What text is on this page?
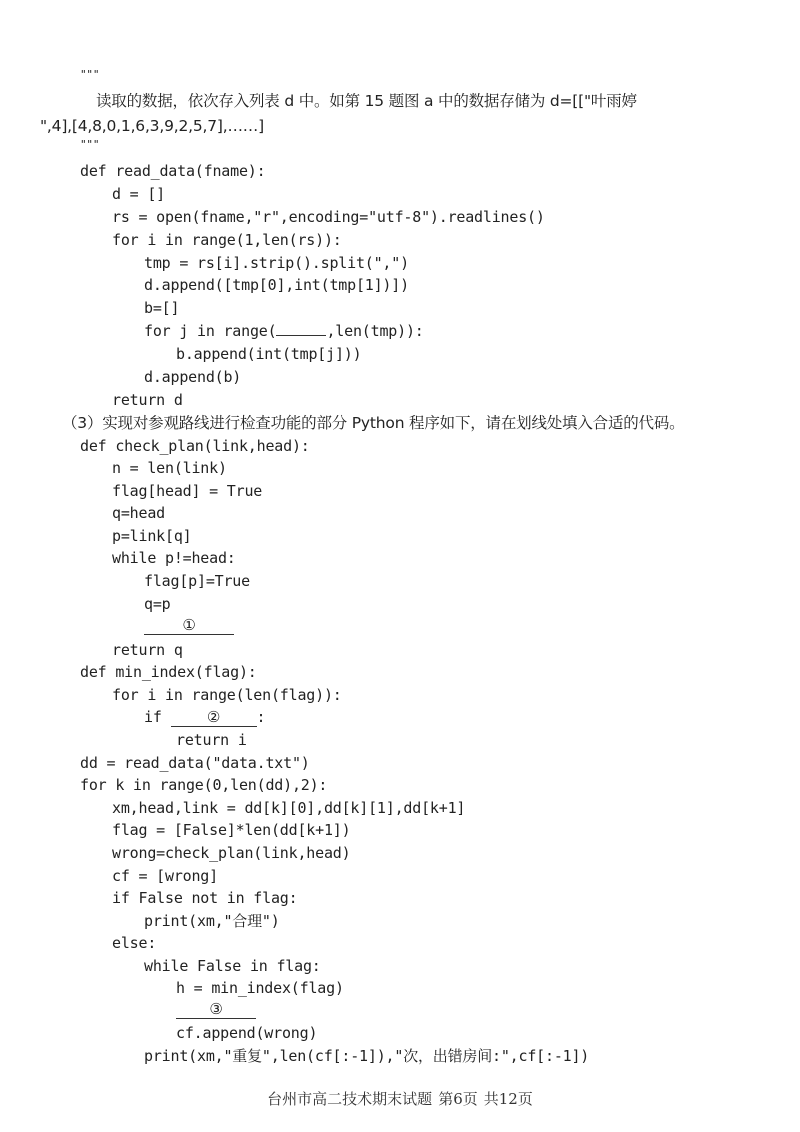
"""
读取的数据，依次存入列表 d 中。如第 15 题图 a 中的数据存储为 d=[["叶雨婷
",4],[4,8,0,1,6,3,9,2,5,7],……]
"""
def read_data(fname):
d = []
rs = open(fname,"r",encoding="utf-8").readlines()
for i in range(1,len(rs)):
tmp = rs[i].strip().split(",")
d.append([tmp[0],int(tmp[1])])
b=[]
for j in range(	,len(tmp)):
b.append(int(tmp[j]))
d.append(b)
return d
（3）实现对参观路线进行检查功能的部分 Python 程序如下，请在划线处填入合适的代码。
def check_plan(link,head):
n = len(link)
flag[head] = True
q=head
p=link[q]
while p!=head:
flag[p]=True
q=p
①
return q
def min_index(flag):
for i in range(len(flag)):
if ② :
return i
dd = read_data("data.txt")
for k in range(0,len(dd),2):
xm,head,link = dd[k][0],dd[k][1],dd[k+1]
flag = [False]*len(dd[k+1])
wrong=check_plan(link,head)
cf = [wrong]
if False not in flag:
print(xm,"合理")
else:
while False in flag:
h = min_index(flag)
③
cf.append(wrong)
print(xm,"重复",len(cf[:-1]),"次，出错房间:",cf[:-1])
台州市高二技术期末试题 第6页 共12页
